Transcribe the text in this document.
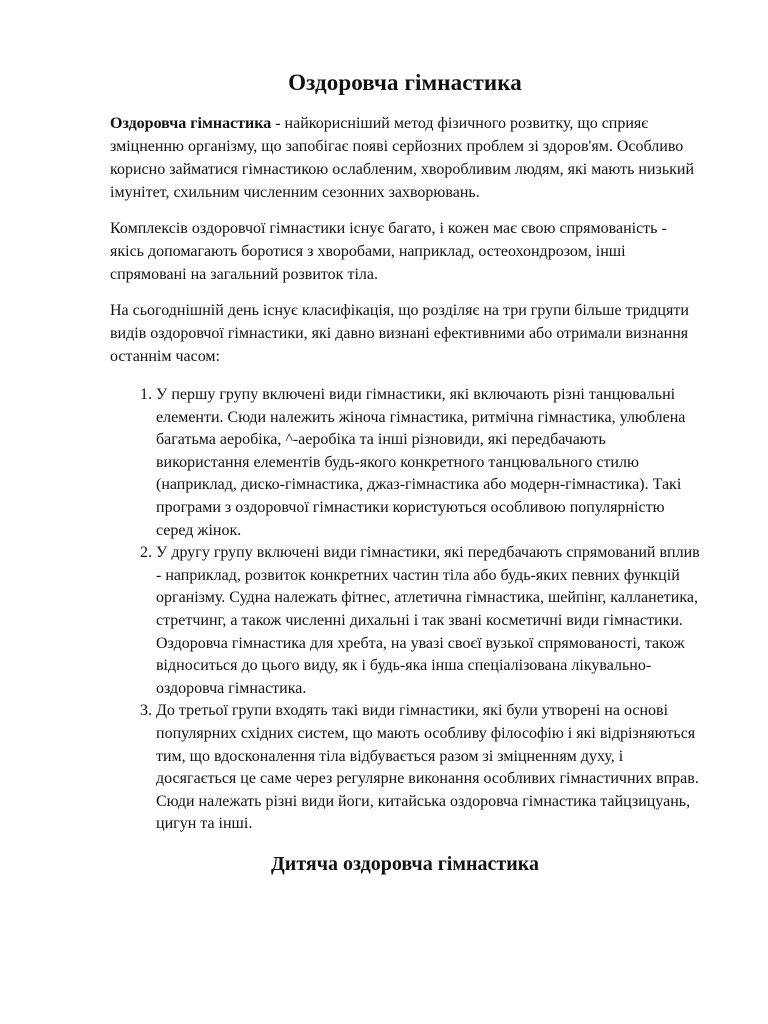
Оздоровча гімнастика

Оздоровча гімнастика - найкорисніший метод фізичного розвитку, що сприяє зміцненню організму, що запобігає появі серйозних проблем зі здоров'ям. Особливо корисно займатися гімнастикою ослабленим, хворобливим людям, які мають низький імунітет, схильним численним сезонних захворювань.

Комплексів оздоровчої гімнастики існує багато, і кожен має свою спрямованість - якісь допомагають боротися з хворобами, наприклад, остеохондрозом, інші спрямовані на загальний розвиток тіла.

На сьогоднішній день існує класифікація, що розділяє на три групи більше тридцяти видів оздоровчої гімнастики, які давно визнані ефективними або отримали визнання останнім часом:

1. У першу групу включені види гімнастики, які включають різні танцювальні елементи. Сюди належить жіноча гімнастика, ритмічна гімнастика, улюблена багатьма аеробіка, ^-аеробіка та інші різновиди, які передбачають використання елементів будь-якого конкретного танцювального стилю (наприклад, диско-гімнастика, джаз-гімнастика або модерн-гімнастика). Такі програми з оздоровчої гімнастики користуються особливою популярністю серед жінок.
2. У другу групу включені види гімнастики, які передбачають спрямований вплив - наприклад, розвиток конкретних частин тіла або будь-яких певних функцій організму. Судна належать фітнес, атлетична гімнастика, шейпінг, калланетика, стретчинг, а також численні дихальні і так звані косметичні види гімнастики. Оздоровча гімнастика для хребта, на увазі своєї вузької спрямованості, також відноситься до цього виду, як і будь-яка інша спеціалізована лікувально-оздоровча гімнастика.
3. До третьої групи входять такі види гімнастики, які були утворені на основі популярних східних систем, що мають особливу філософію і які відрізняються тим, що вдосконалення тіла відбувається разом зі зміцненням духу, і досягається це саме через регулярне виконання особливих гімнастичних вправ. Сюди належать різні види йоги, китайська оздоровча гімнастика тайцзицуань, цигун та інші.
Дитяча оздоровча гімнастика
